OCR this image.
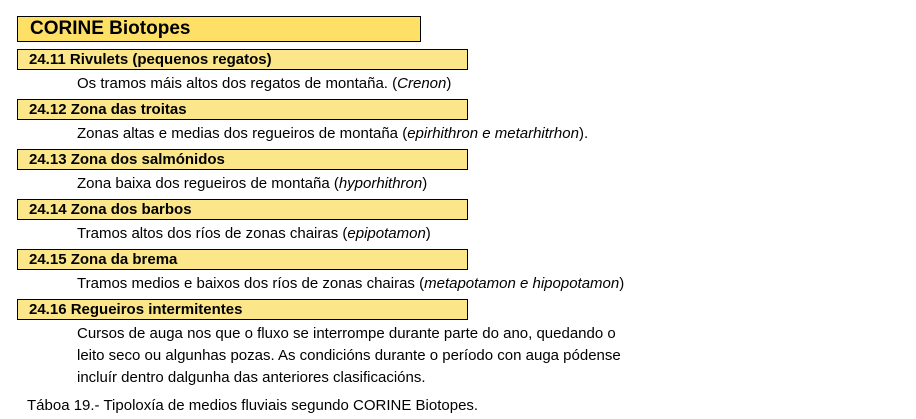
CORINE Biotopes
24.11 Rivulets (pequenos regatos)
Os tramos máis altos dos regatos de montaña. (Crenon)
24.12 Zona das troitas
Zonas altas e medias dos regueiros de montaña (epirhithron e metarhitrhon).
24.13 Zona dos salmónidos
Zona baixa dos regueiros de montaña (hyporhithron)
24.14 Zona dos barbos
Tramos altos dos ríos de zonas chairas (epipotamon)
24.15 Zona da brema
Tramos medios e baixos dos ríos de zonas chairas (metapotamon e hipopotamon)
24.16 Regueiros intermitentes
Cursos de auga nos que o fluxo se interrompe durante parte do ano, quedando o
leito seco ou algunhas pozas. As condicións durante o período con auga pódense
incluír dentro dalgunha das anteriores clasificacións.
Táboa 19.- Tipoloxía de medios fluviais segundo CORINE Biotopes.
